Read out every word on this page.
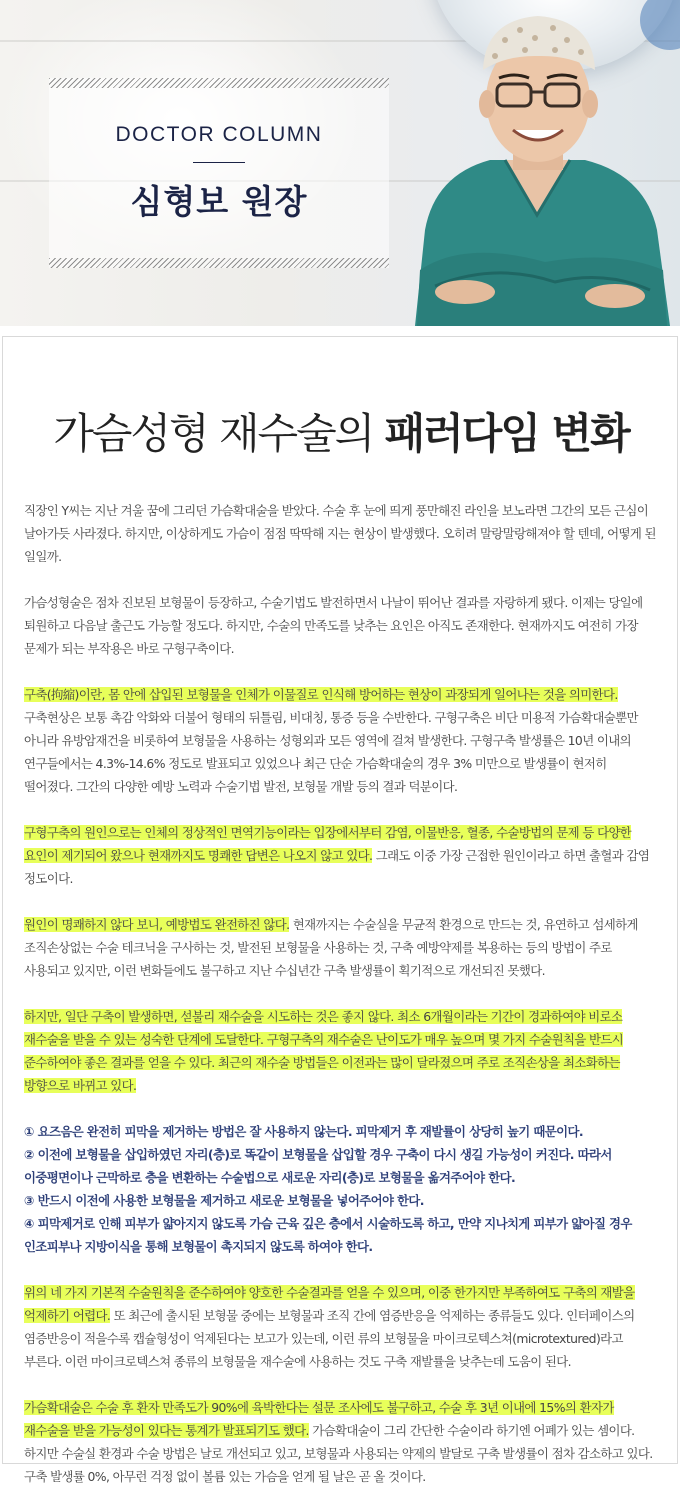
DOCTOR COLUMN
심형보 원장
가슴성형 재수술의 패러다임 변화

직장인 Y씨는 지난 겨울 꿈에 그리던 가슴확대술을 받았다. 수술 후 눈에 띄게 풍만해진 라인을 보노라면 그간의 모든 근심이 날아가듯 사라졌다. 하지만, 이상하게도 가슴이 점점 딱딱해 지는 현상이 발생했다. 오히려 말랑말랑해져야 할 텐데, 어떻게 된 일일까.

가슴성형술은 점차 진보된 보형물이 등장하고, 수술기법도 발전하면서 나날이 뛰어난 결과를 자랑하게 됐다. 이제는 당일에 퇴원하고 다음날 출근도 가능할 정도다. 하지만, 수술의 만족도를 낮추는 요인은 아직도 존재한다. 현재까지도 여전히 가장 문제가 되는 부작용은 바로 구형구축이다.

구축(拘縮)이란, 몸 안에 삽입된 보형물을 인체가 이물질로 인식해 방어하는 현상이 과장되게 일어나는 것을 의미한다. 구축현상은 보통 촉감 악화와 더불어 형태의 뒤틀림, 비대칭, 통증 등을 수반한다. 구형구축은 비단 미용적 가슴확대술뿐만 아니라 유방암재건을 비롯하여 보형물을 사용하는 성형외과 모든 영역에 걸쳐 발생한다. 구형구축 발생률은 10년 이내의 연구들에서는 4.3%-14.6% 정도로 발표되고 있었으나 최근 단순 가슴확대술의 경우 3% 미만으로 발생률이 현저히 떨어졌다. 그간의 다양한 예방 노력과 수술기법 발전, 보형물 개발 등의 결과 덕분이다.

구형구축의 원인으로는 인체의 정상적인 면역기능이라는 입장에서부터 감염, 이물반응, 혈종, 수술방법의 문제 등 다양한 요인이 제기되어 왔으나 현재까지도 명쾌한 답변은 나오지 않고 있다. 그래도 이중 가장 근접한 원인이라고 하면 출혈과 감염 정도이다.

원인이 명쾌하지 않다 보니, 예방법도 완전하진 않다. 현재까지는 수술실을 무균적 환경으로 만드는 것, 유연하고 섬세하게 조직손상없는 수술 테크닉을 구사하는 것, 발전된 보형물을 사용하는 것, 구축 예방약제를 복용하는 등의 방법이 주로 사용되고 있지만, 이런 변화들에도 불구하고 지난 수십년간 구축 발생률이 획기적으로 개선되진 못했다.

하지만, 일단 구축이 발생하면, 섣불리 재수술을 시도하는 것은 좋지 않다. 최소 6개월이라는 기간이 경과하여야 비로소 재수술을 받을 수 있는 성숙한 단계에 도달한다. 구형구축의 재수술은 난이도가 매우 높으며 몇 가지 수술원칙을 반드시 준수하여야 좋은 결과를 얻을 수 있다. 최근의 재수술 방법들은 이전과는 많이 달라졌으며 주로 조직손상을 최소화하는 방향으로 바뀌고 있다.

① 요즈음은 완전히 피막을 제거하는 방법은 잘 사용하지 않는다. 피막제거 후 재발률이 상당히 높기 때문이다.
② 이전에 보형물을 삽입하였던 자리(층)로 똑같이 보형물을 삽입할 경우 구축이 다시 생길 가능성이 커진다. 따라서 이중평면이나 근막하로 층을 변환하는 수술법으로 새로운 자리(층)로 보형물을 옮겨주어야 한다.
③ 반드시 이전에 사용한 보형물을 제거하고 새로운 보형물을 넣어주어야 한다.
④ 피막제거로 인해 피부가 얇아지지 않도록 가슴 근육 깊은 층에서 시술하도록 하고, 만약 지나치게 피부가 얇아질 경우 인조피부나 지방이식을 통해 보형물이 촉지되지 않도록 하여야 한다.

위의 네 가지 기본적 수술원칙을 준수하여야 양호한 수술결과를 얻을 수 있으며, 이중 한가지만 부족하여도 구축의 재발을 억제하기 어렵다. 또 최근에 출시된 보형물 중에는 보형물과 조직 간에 염증반응을 억제하는 종류들도 있다. 인터페이스의 염증반응이 적을수록 캡슐형성이 억제된다는 보고가 있는데, 이런 류의 보형물을 마이크로텍스쳐(microtextured)라고 부른다. 이런 마이크로텍스쳐 종류의 보형물을 재수술에 사용하는 것도 구축 재발률을 낮추는데 도움이 된다.

가슴확대술은 수술 후 환자 만족도가 90%에 육박한다는 설문 조사에도 불구하고, 수술 후 3년 이내에 15%의 환자가 재수술을 받을 가능성이 있다는 통계가 발표되기도 했다. 가슴확대술이 그리 간단한 수술이라 하기엔 어폐가 있는 셈이다. 하지만 수술실 환경과 수술 방법은 날로 개선되고 있고, 보형물과 사용되는 약제의 발달로 구축 발생률이 점차 감소하고 있다. 구축 발생률 0%, 아무런 걱정 없이 볼륨 있는 가슴을 얻게 될 날은 곧 올 것이다.
